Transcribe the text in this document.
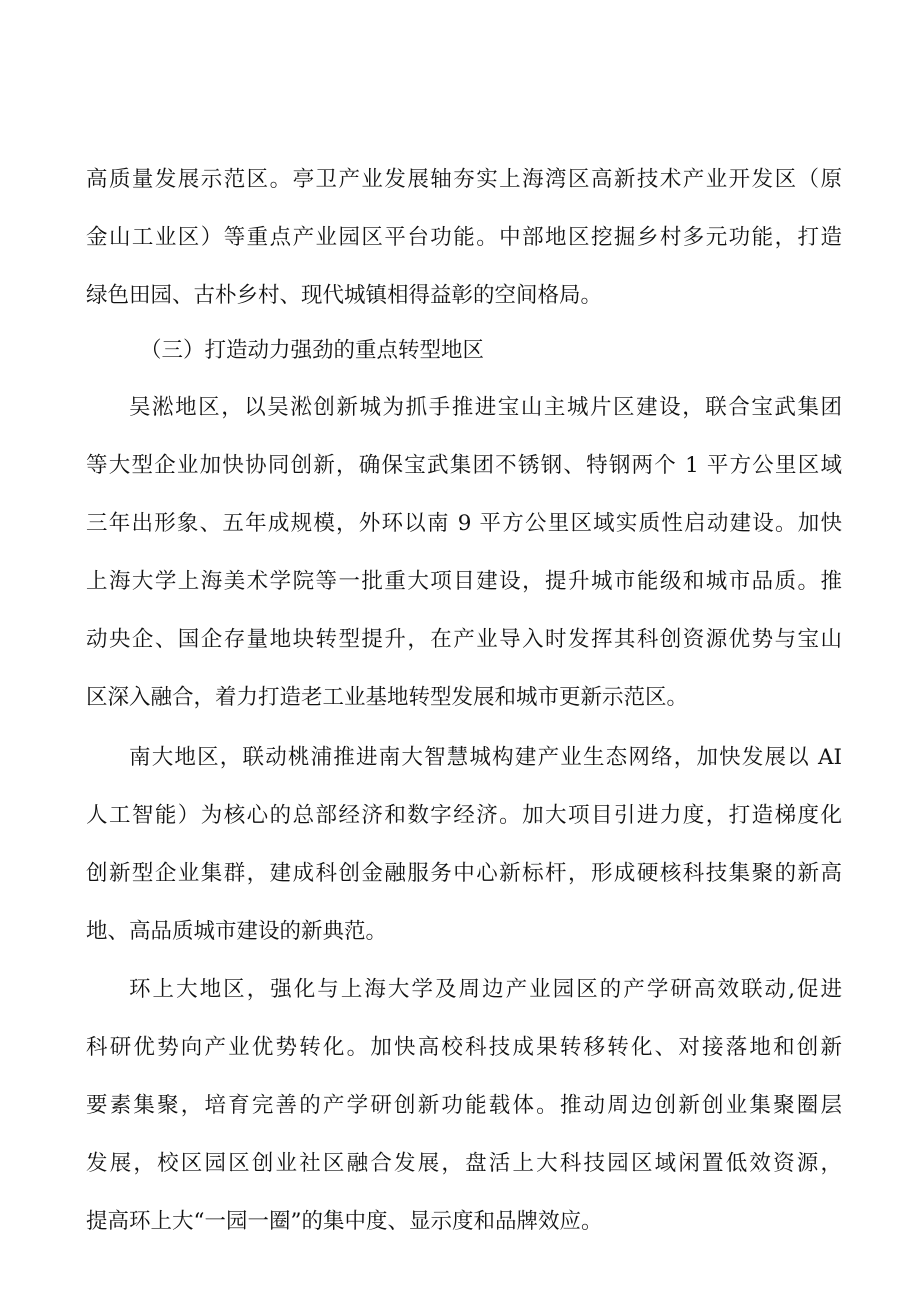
高质量发展示范区。亭卫产业发展轴夯实上海湾区高新技术产业开发区（原
金山工业区）等重点产业园区平台功能。中部地区挖掘乡村多元功能，打造
绿色田园、古朴乡村、现代城镇相得益彰的空间格局。
（三）打造动力强劲的重点转型地区
吴淞地区，以吴淞创新城为抓手推进宝山主城片区建设，联合宝武集团
等大型企业加快协同创新，确保宝武集团不锈钢、特钢两个 1 平方公里区域
三年出形象、五年成规模，外环以南 9 平方公里区域实质性启动建设。加快
上海大学上海美术学院等一批重大项目建设，提升城市能级和城市品质。推
动央企、国企存量地块转型提升，在产业导入时发挥其科创资源优势与宝山
区深入融合，着力打造老工业基地转型发展和城市更新示范区。
南大地区，联动桃浦推进南大智慧城构建产业生态网络，加快发展以 AI
人工智能）为核心的总部经济和数字经济。加大项目引进力度，打造梯度化
创新型企业集群，建成科创金融服务中心新标杆，形成硬核科技集聚的新高
地、高品质城市建设的新典范。
环上大地区，强化与上海大学及周边产业园区的产学研高效联动,促进
科研优势向产业优势转化。加快高校科技成果转移转化、对接落地和创新
要素集聚，培育完善的产学研创新功能载体。推动周边创新创业集聚圈层
发展，校区园区创业社区融合发展，盘活上大科技园区域闲置低效资源，
提高环上大“一园一圈”的集中度、显示度和品牌效应。
